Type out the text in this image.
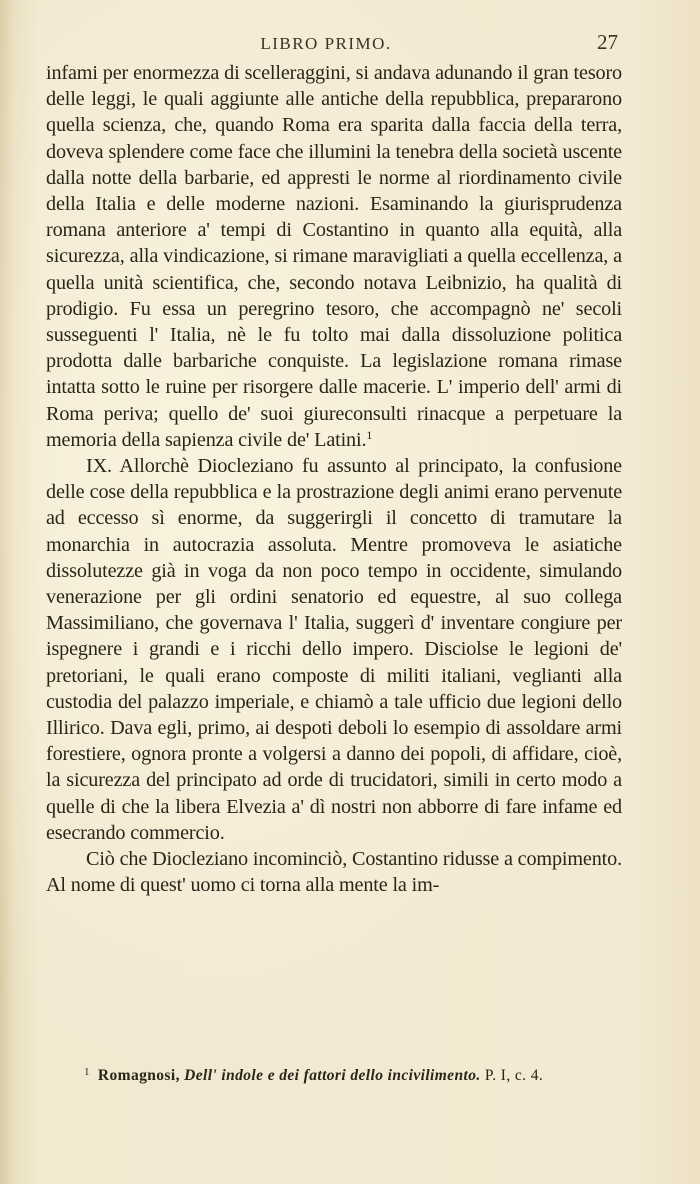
LIBRO PRIMO.	27

infami per enormezza di scelleraggini, si andava adunando il gran tesoro delle leggi, le quali aggiunte alle antiche della repubblica, prepararono quella scienza, che, quando Roma era sparita dalla faccia della terra, doveva splendere come face che illumini la tenebra della società uscente dalla notte della barbarie, ed appresti le norme al riordinamento civile della Italia e delle moderne nazioni. Esaminando la giurisprudenza romana anteriore a' tempi di Costantino in quanto alla equità, alla sicurezza, alla vindicazione, si rimane maravigliati a quella eccellenza, a quella unità scientifica, che, secondo notava Leibnizio, ha qualità di prodigio. Fu essa un peregrino tesoro, che accompagnò ne' secoli susseguenti l' Italia, nè le fu tolto mai dalla dissoluzione politica prodotta dalle barbariche conquiste. La legislazione romana rimase intatta sotto le ruine per risorgere dalle macerie. L' imperio dell' armi di Roma periva; quello de' suoi giureconsulti rinacque a perpetuare la memoria della sapienza civile de' Latini.$^1$

IX. Allorchè Diocleziano fu assunto al principato, la confusione delle cose della repubblica e la prostrazione degli animi erano pervenute ad eccesso sì enorme, da suggerirgli il concetto di tramutare la monarchia in autocrazia assoluta. Mentre promoveva le asiatiche dissolutezze già in voga da non poco tempo in occidente, simulando venerazione per gli ordini senatorio ed equestre, al suo collega Massimiliano, che governava l' Italia, suggerì d' inventare congiure per ispegnere i grandi e i ricchi dello impero. Disciolse le legioni de' pretoriani, le quali erano composte di militi italiani, veglianti alla custodia del palazzo imperiale, e chiamò a tale ufficio due legioni dello Illirico. Dava egli, primo, ai despoti deboli lo esempio di assoldare armi forestiere, ognora pronte a volgersi a danno dei popoli, di affidare, cioè, la sicurezza del principato ad orde di trucidatori, simili in certo modo a quelle di che la libera Elvezia a' dì nostri non abborre di fare infame ed esecrando commercio.

Ciò che Diocleziano incominciò, Costantino ridusse a compimento. Al nome di quest' uomo ci torna alla mente la im-

$^1$ Romagnosi, Dell' indole e dei fattori dello incivilimento. P. I, c. 4.
